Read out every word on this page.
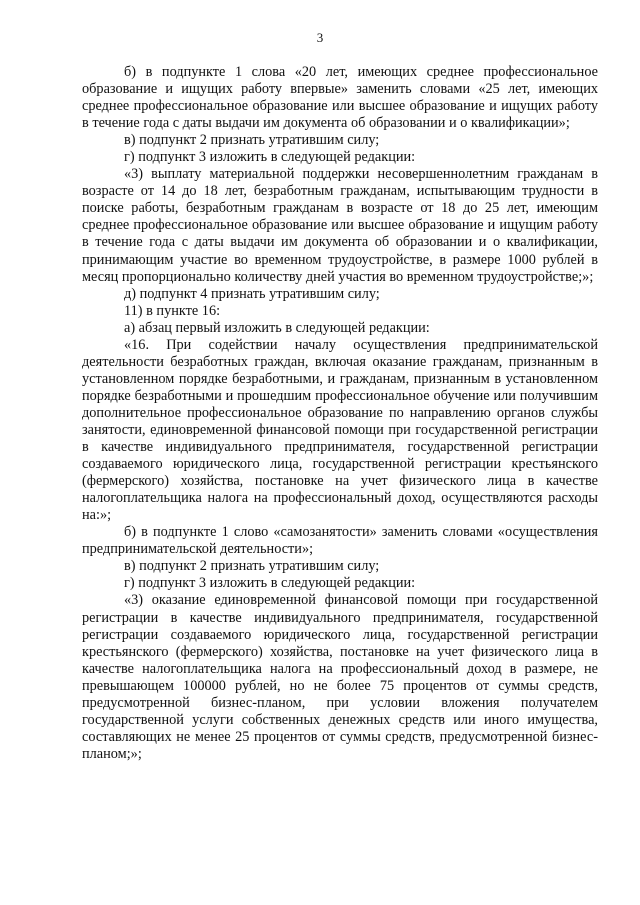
3

б) в подпункте 1 слова «20 лет, имеющих среднее профессиональное образование и ищущих работу впервые» заменить словами «25 лет, имеющих среднее профессиональное образование или высшее образование и ищущих работу в течение года с даты выдачи им документа об образовании и о квалификации»;

в) подпункт 2 признать утратившим силу;

г) подпункт 3 изложить в следующей редакции:

«3) выплату материальной поддержки несовершеннолетним гражданам в возрасте от 14 до 18 лет, безработным гражданам, испытывающим трудности в поиске работы, безработным гражданам в возрасте от 18 до 25 лет, имеющим среднее профессиональное образование или высшее образование и ищущим работу в течение года с даты выдачи им документа об образовании и о квалификации, принимающим участие во временном трудоустройстве, в размере 1000 рублей в месяц пропорционально количеству дней участия во временном трудоустройстве;»;

д) подпункт 4 признать утратившим силу;

11) в пункте 16:

а) абзац первый изложить в следующей редакции:

«16. При содействии началу осуществления предпринимательской деятельности безработных граждан, включая оказание гражданам, признанным в установленном порядке безработными, и гражданам, признанным в установленном порядке безработными и прошедшим профессиональное обучение или получившим дополнительное профессиональное образование по направлению органов службы занятости, единовременной финансовой помощи при государственной регистрации в качестве индивидуального предпринимателя, государственной регистрации создаваемого юридического лица, государственной регистрации крестьянского (фермерского) хозяйства, постановке на учет физического лица в качестве налогоплательщика налога на профессиональный доход, осуществляются расходы на:»;

б) в подпункте 1 слово «самозанятости» заменить словами «осуществления предпринимательской деятельности»;

в) подпункт 2 признать утратившим силу;

г) подпункт 3 изложить в следующей редакции:

«3) оказание единовременной финансовой помощи при государственной регистрации в качестве индивидуального предпринимателя, государственной регистрации создаваемого юридического лица, государственной регистрации крестьянского (фермерского) хозяйства, постановке на учет физического лица в качестве налогоплательщика налога на профессиональный доход в размере, не превышающем 100000 рублей, но не более 75 процентов от суммы средств, предусмотренной бизнес-планом, при условии вложения получателем государственной услуги собственных денежных средств или иного имущества, составляющих не менее 25 процентов от суммы средств, предусмотренной бизнес-планом;»;
